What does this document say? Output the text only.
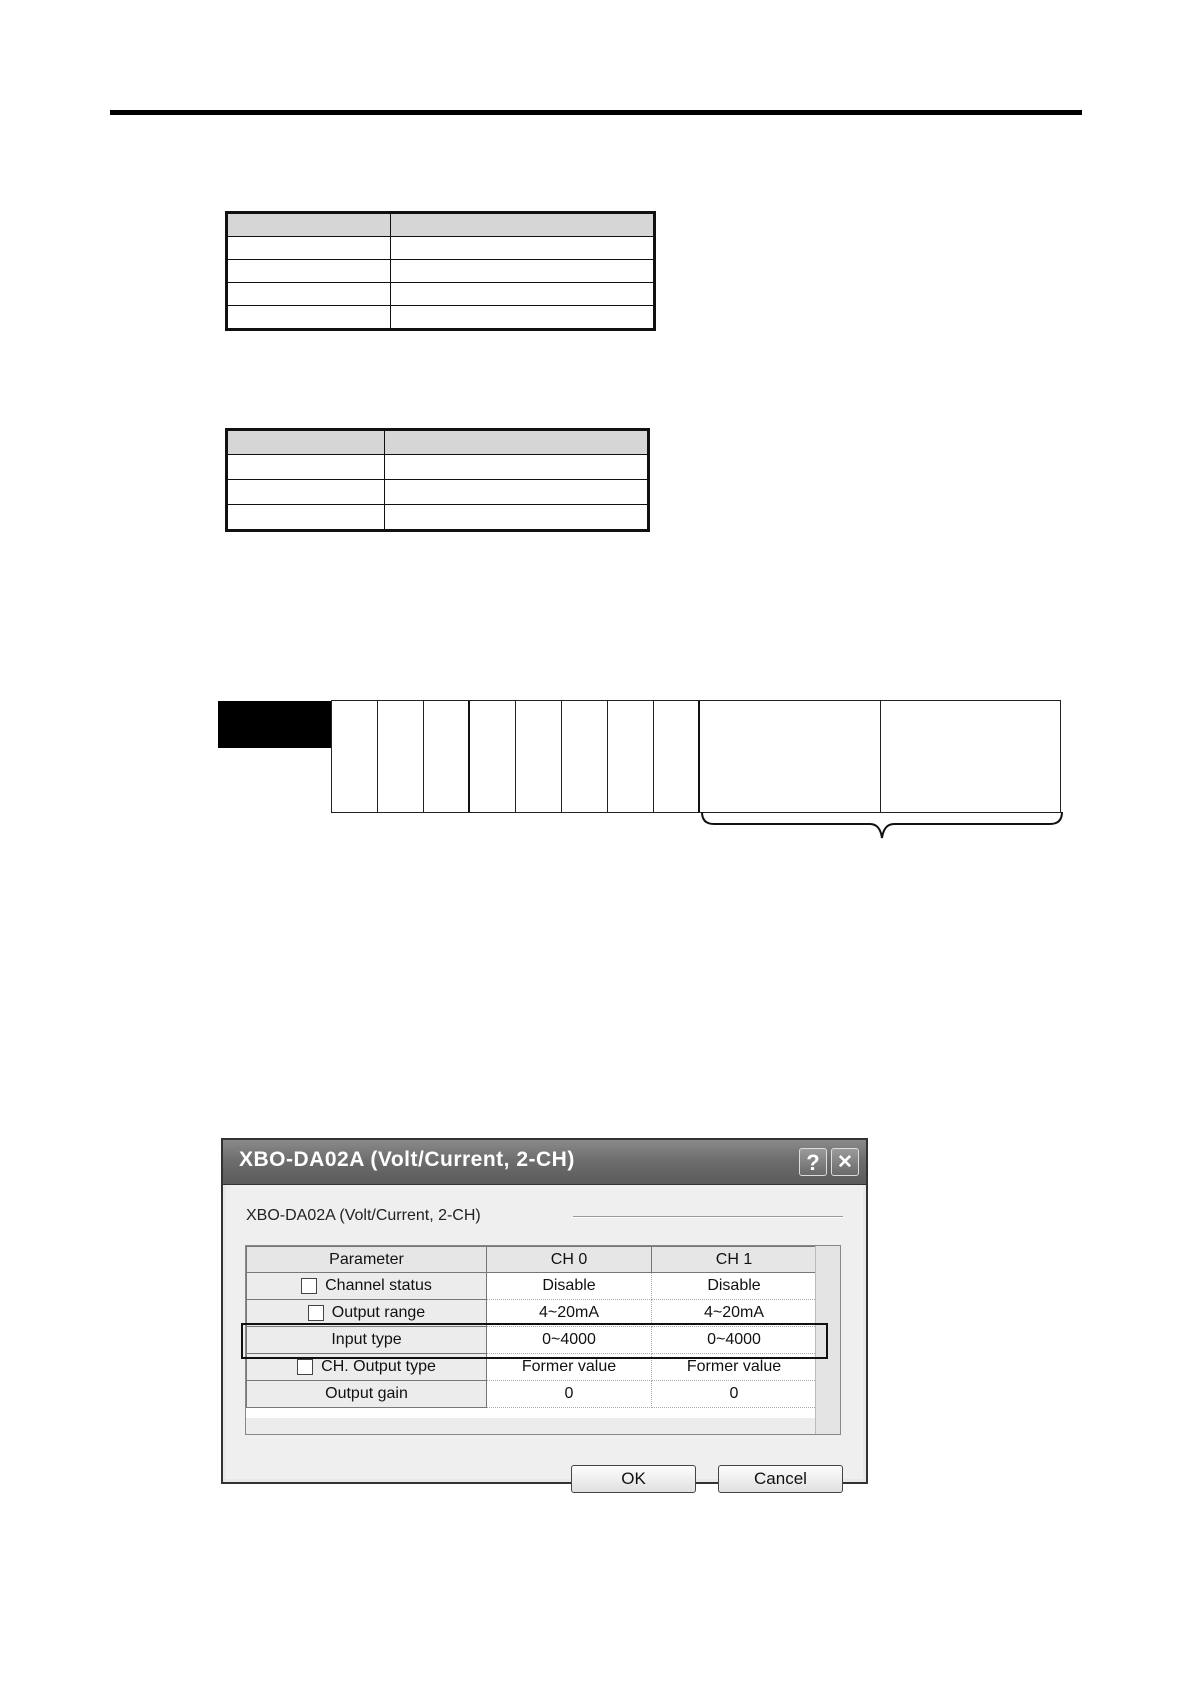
XBO-DA02A (Volt/Current, 2-CH)	? ✕
XBO-DA02A (Volt/Current, 2-CH)
Parameter	CH 0	CH 1
Channel status	Disable	Disable
Output range	4~20mA	4~20mA
Input type	0~4000	0~4000
CH. Output type	Former value	Former value
Output gain	0	0
OK	Cancel
